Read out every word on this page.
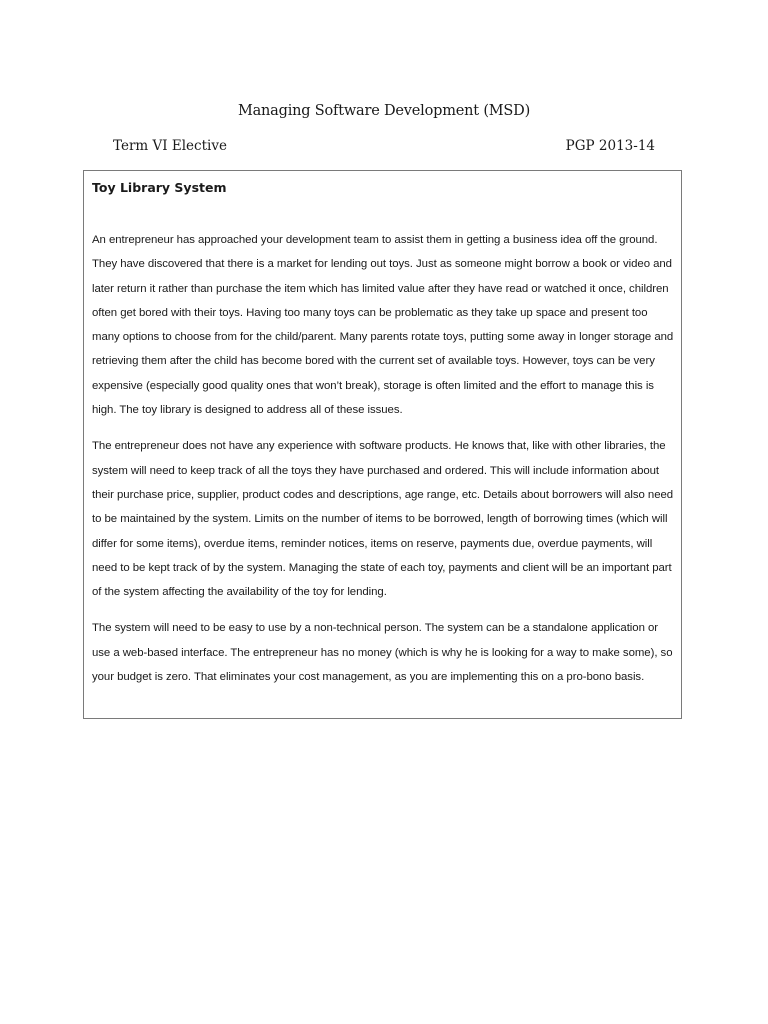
Managing Software Development (MSD)
Term VI Elective	PGP 2013-14
Toy Library System

An entrepreneur has approached your development team to assist them in getting a business idea off the ground. They have discovered that there is a market for lending out toys. Just as someone might borrow a book or video and later return it rather than purchase the item which has limited value after they have read or watched it once, children often get bored with their toys. Having too many toys can be problematic as they take up space and present too many options to choose from for the child/parent. Many parents rotate toys, putting some away in longer storage and retrieving them after the child has become bored with the current set of available toys. However, toys can be very expensive (especially good quality ones that won’t break), storage is often limited and the effort to manage this is high. The toy library is designed to address all of these issues.

The entrepreneur does not have any experience with software products. He knows that, like with other libraries, the system will need to keep track of all the toys they have purchased and ordered. This will include information about their purchase price, supplier, product codes and descriptions, age range, etc. Details about borrowers will also need to be maintained by the system. Limits on the number of items to be borrowed, length of borrowing times (which will differ for some items), overdue items, reminder notices, items on reserve, payments due, overdue payments, will need to be kept track of by the system. Managing the state of each toy, payments and client will be an important part of the system affecting the availability of the toy for lending.

The system will need to be easy to use by a non-technical person. The system can be a standalone application or use a web-based interface. The entrepreneur has no money (which is why he is looking for a way to make some), so your budget is zero. That eliminates your cost management, as you are implementing this on a pro-bono basis.
